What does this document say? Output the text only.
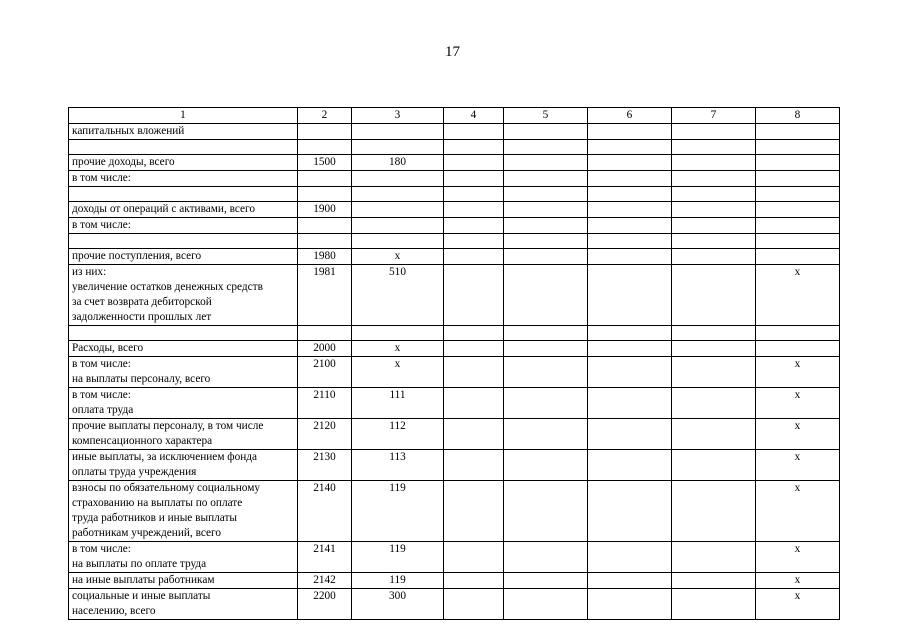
17
1	2	3	4	5	6	7	8
капитальных вложений							

прочие доходы, всего	1500	180					
в том числе:							

доходы от операций с активами, всего	1900						
в том числе:							

прочие поступления, всего	1980	х					
из них:
увеличение остатков денежных средств
за счет возврата дебиторской
задолженности прошлых лет	1981	510					х

Расходы, всего	2000	х					
в том числе:
на выплаты персоналу, всего	2100	х					х
в том числе:
оплата труда	2110	111					х
прочие выплаты персоналу, в том числе
компенсационного характера	2120	112					х
иные выплаты, за исключением фонда
оплаты труда учреждения	2130	113					х
взносы по обязательному социальному
страхованию на выплаты по оплате
труда работников и иные выплаты
работникам учреждений, всего	2140	119					х
в том числе:
на выплаты по оплате труда	2141	119					х
на иные выплаты работникам	2142	119					х
социальные и иные выплаты
населению, всего	2200	300					х
